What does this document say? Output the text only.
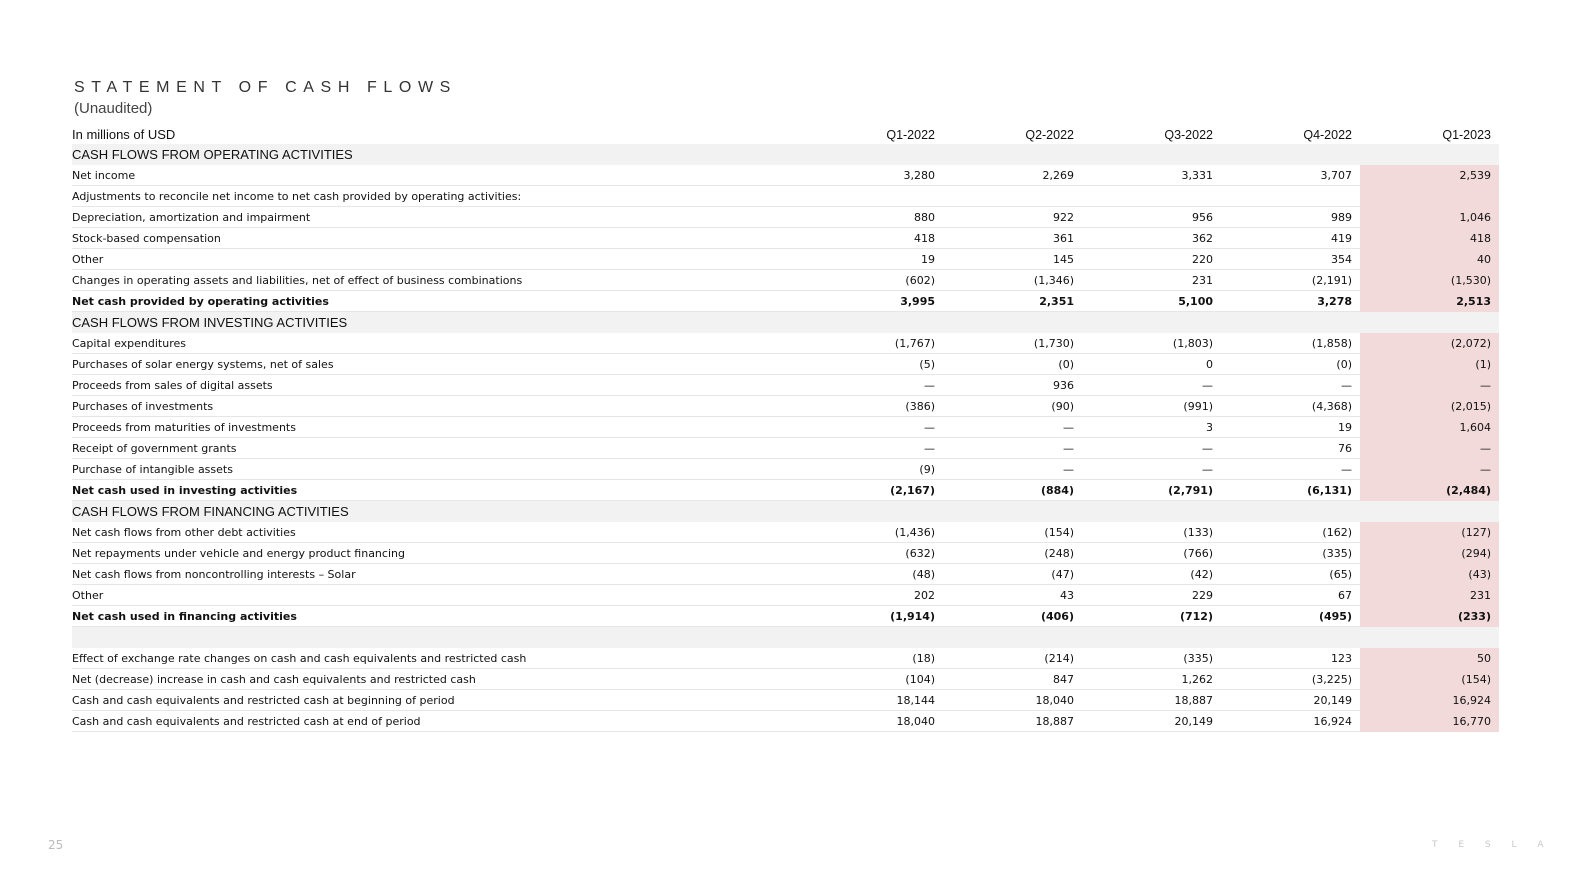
STATEMENT OF CASH FLOWS
(Unaudited)
In millions of USD	Q1-2022	Q2-2022	Q3-2022	Q4-2022	Q1-2023
CASH FLOWS FROM OPERATING ACTIVITIES
Net income	3,280	2,269	3,331	3,707	2,539
Adjustments to reconcile net income to net cash provided by operating activities:
Depreciation, amortization and impairment	880	922	956	989	1,046
Stock-based compensation	418	361	362	419	418
Other	19	145	220	354	40
Changes in operating assets and liabilities, net of effect of business combinations	(602)	(1,346)	231	(2,191)	(1,530)
Net cash provided by operating activities	3,995	2,351	5,100	3,278	2,513
CASH FLOWS FROM INVESTING ACTIVITIES
Capital expenditures	(1,767)	(1,730)	(1,803)	(1,858)	(2,072)
Purchases of solar energy systems, net of sales	(5)	(0)	0	(0)	(1)
Proceeds from sales of digital assets	—	936	—	—	—
Purchases of investments	(386)	(90)	(991)	(4,368)	(2,015)
Proceeds from maturities of investments	—	—	3	19	1,604
Receipt of government grants	—	—	—	76	—
Purchase of intangible assets	(9)	—	—	—	—
Net cash used in investing activities	(2,167)	(884)	(2,791)	(6,131)	(2,484)
CASH FLOWS FROM FINANCING ACTIVITIES
Net cash flows from other debt activities	(1,436)	(154)	(133)	(162)	(127)
Net repayments under vehicle and energy product financing	(632)	(248)	(766)	(335)	(294)
Net cash flows from noncontrolling interests – Solar	(48)	(47)	(42)	(65)	(43)
Other	202	43	229	67	231
Net cash used in financing activities	(1,914)	(406)	(712)	(495)	(233)
Effect of exchange rate changes on cash and cash equivalents and restricted cash	(18)	(214)	(335)	123	50
Net (decrease) increase in cash and cash equivalents and restricted cash	(104)	847	1,262	(3,225)	(154)
Cash and cash equivalents and restricted cash at beginning of period	18,144	18,040	18,887	20,149	16,924
Cash and cash equivalents and restricted cash at end of period	18,040	18,887	20,149	16,924	16,770
25	T E S L A
